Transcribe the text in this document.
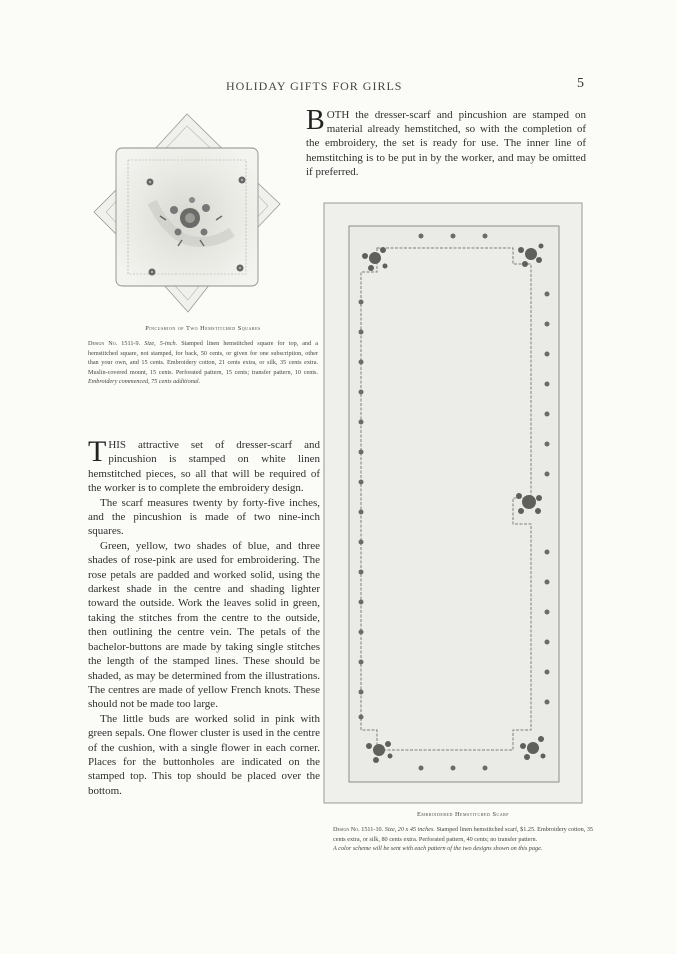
HOLIDAY GIFTS FOR GIRLS	5
Pincushion of Two Hemstitched Squares
Design No. 1511-9. Size, 5-inch. Stamped linen hemstitched square for top, and a hemstitched square, not stamped, for back, 50 cents, or given for one subscription, other than your own, and 15 cents. Embroidery cotton, 21 cents extra, or silk, 35 cents extra. Muslin-covered mount, 15 cents. Perforated pattern, 15 cents; transfer pattern, 10 cents. Embroidery commenced, 75 cents additional.

THIS attractive set of dresser-scarf and pincushion is stamped on white linen hemstitched pieces, so all that will be required of the worker is to complete the embroidery design.

The scarf measures twenty by forty-five inches, and the pincushion is made of two nine-inch squares.

Green, yellow, two shades of blue, and three shades of rose-pink are used for embroidering. The rose petals are padded and worked solid, using the darkest shade in the centre and shading lighter toward the outside. Work the leaves solid in green, taking the stitches from the centre to the outside, then outlining the centre vein. The petals of the bachelor-buttons are made by taking single stitches the length of the stamped lines. These should be shaded, as may be determined from the illustrations. The centres are made of yellow French knots. These should not be made too large.

The little buds are worked solid in pink with green sepals. One flower cluster is used in the centre of the cushion, with a single flower in each corner. Places for the buttonholes are indicated on the stamped top. This top should be placed over the bottom.

BOTH the dresser-scarf and pincushion are stamped on material already hemstitched, so with the completion of the embroidery, the set is ready for use. The inner line of hemstitching is to be put in by the worker, and may be omitted if preferred.

Embroidered Hemstitched Scarf
Design No. 1511-10. Size, 20 x 45 inches. Stamped linen hemstitched scarf, $1.25. Embroidery cotton, 35 cents extra, or silk, 80 cents extra. Perforated pattern, 40 cents; no transfer pattern.
A color scheme will be sent with each pattern of the two designs shown on this page.
